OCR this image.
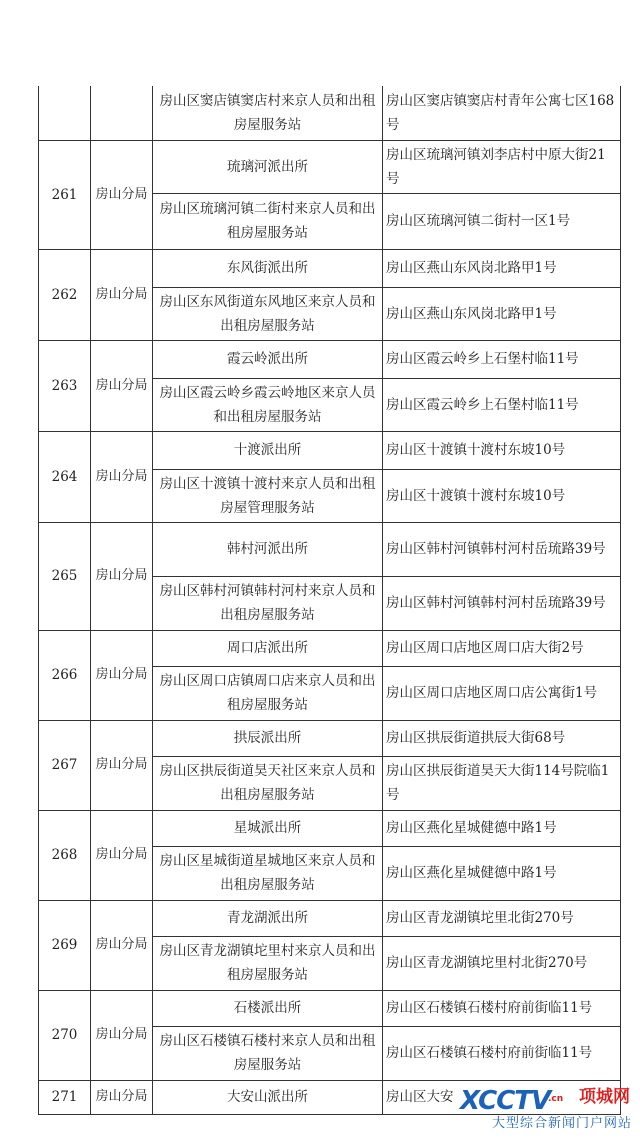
		房山区窦店镇窦店村来京人员和出租房屋服务站	房山区窦店镇窦店村青年公寓七区168号
261	房山分局	琉璃河派出所	房山区琉璃河镇刘李店村中原大街21号
		房山区琉璃河镇二街村来京人员和出租房屋服务站	房山区琉璃河镇二街村一区1号
262	房山分局	东风街派出所	房山区燕山东风岗北路甲1号
		房山区东风街道东风地区来京人员和出租房屋服务站	房山区燕山东风岗北路甲1号
263	房山分局	霞云岭派出所	房山区霞云岭乡上石堡村临11号
		房山区霞云岭乡霞云岭地区来京人员和出租房屋服务站	房山区霞云岭乡上石堡村临11号
264	房山分局	十渡派出所	房山区十渡镇十渡村东坡10号
		房山区十渡镇十渡村来京人员和出租房屋管理服务站	房山区十渡镇十渡村东坡10号
265	房山分局	韩村河派出所	房山区韩村河镇韩村河村岳琉路39号
		房山区韩村河镇韩村河村来京人员和出租房屋服务站	房山区韩村河镇韩村河村岳琉路39号
266	房山分局	周口店派出所	房山区周口店地区周口店大街2号
		房山区周口店镇周口店来京人员和出租房屋服务站	房山区周口店地区周口店公寓街1号
267	房山分局	拱辰派出所	房山区拱辰街道拱辰大街68号
		房山区拱辰街道昊天社区来京人员和出租房屋服务站	房山区拱辰街道昊天大街114号院临1号
268	房山分局	星城派出所	房山区燕化星城健德中路1号
		房山区星城街道星城地区来京人员和出租房屋服务站	房山区燕化星城健德中路1号
269	房山分局	青龙湖派出所	房山区青龙湖镇坨里北街270号
		房山区青龙湖镇坨里村来京人员和出租房屋服务站	房山区青龙湖镇坨里村北街270号
270	房山分局	石楼派出所	房山区石楼镇石楼村府前街临11号
		房山区石楼镇石楼村来京人员和出租房屋服务站	房山区石楼镇石楼村府前街临11号
271	房山分局	大安山派出所	房山区大安 XCCTV
.cn 项城网
大型综合新闻门户网站
